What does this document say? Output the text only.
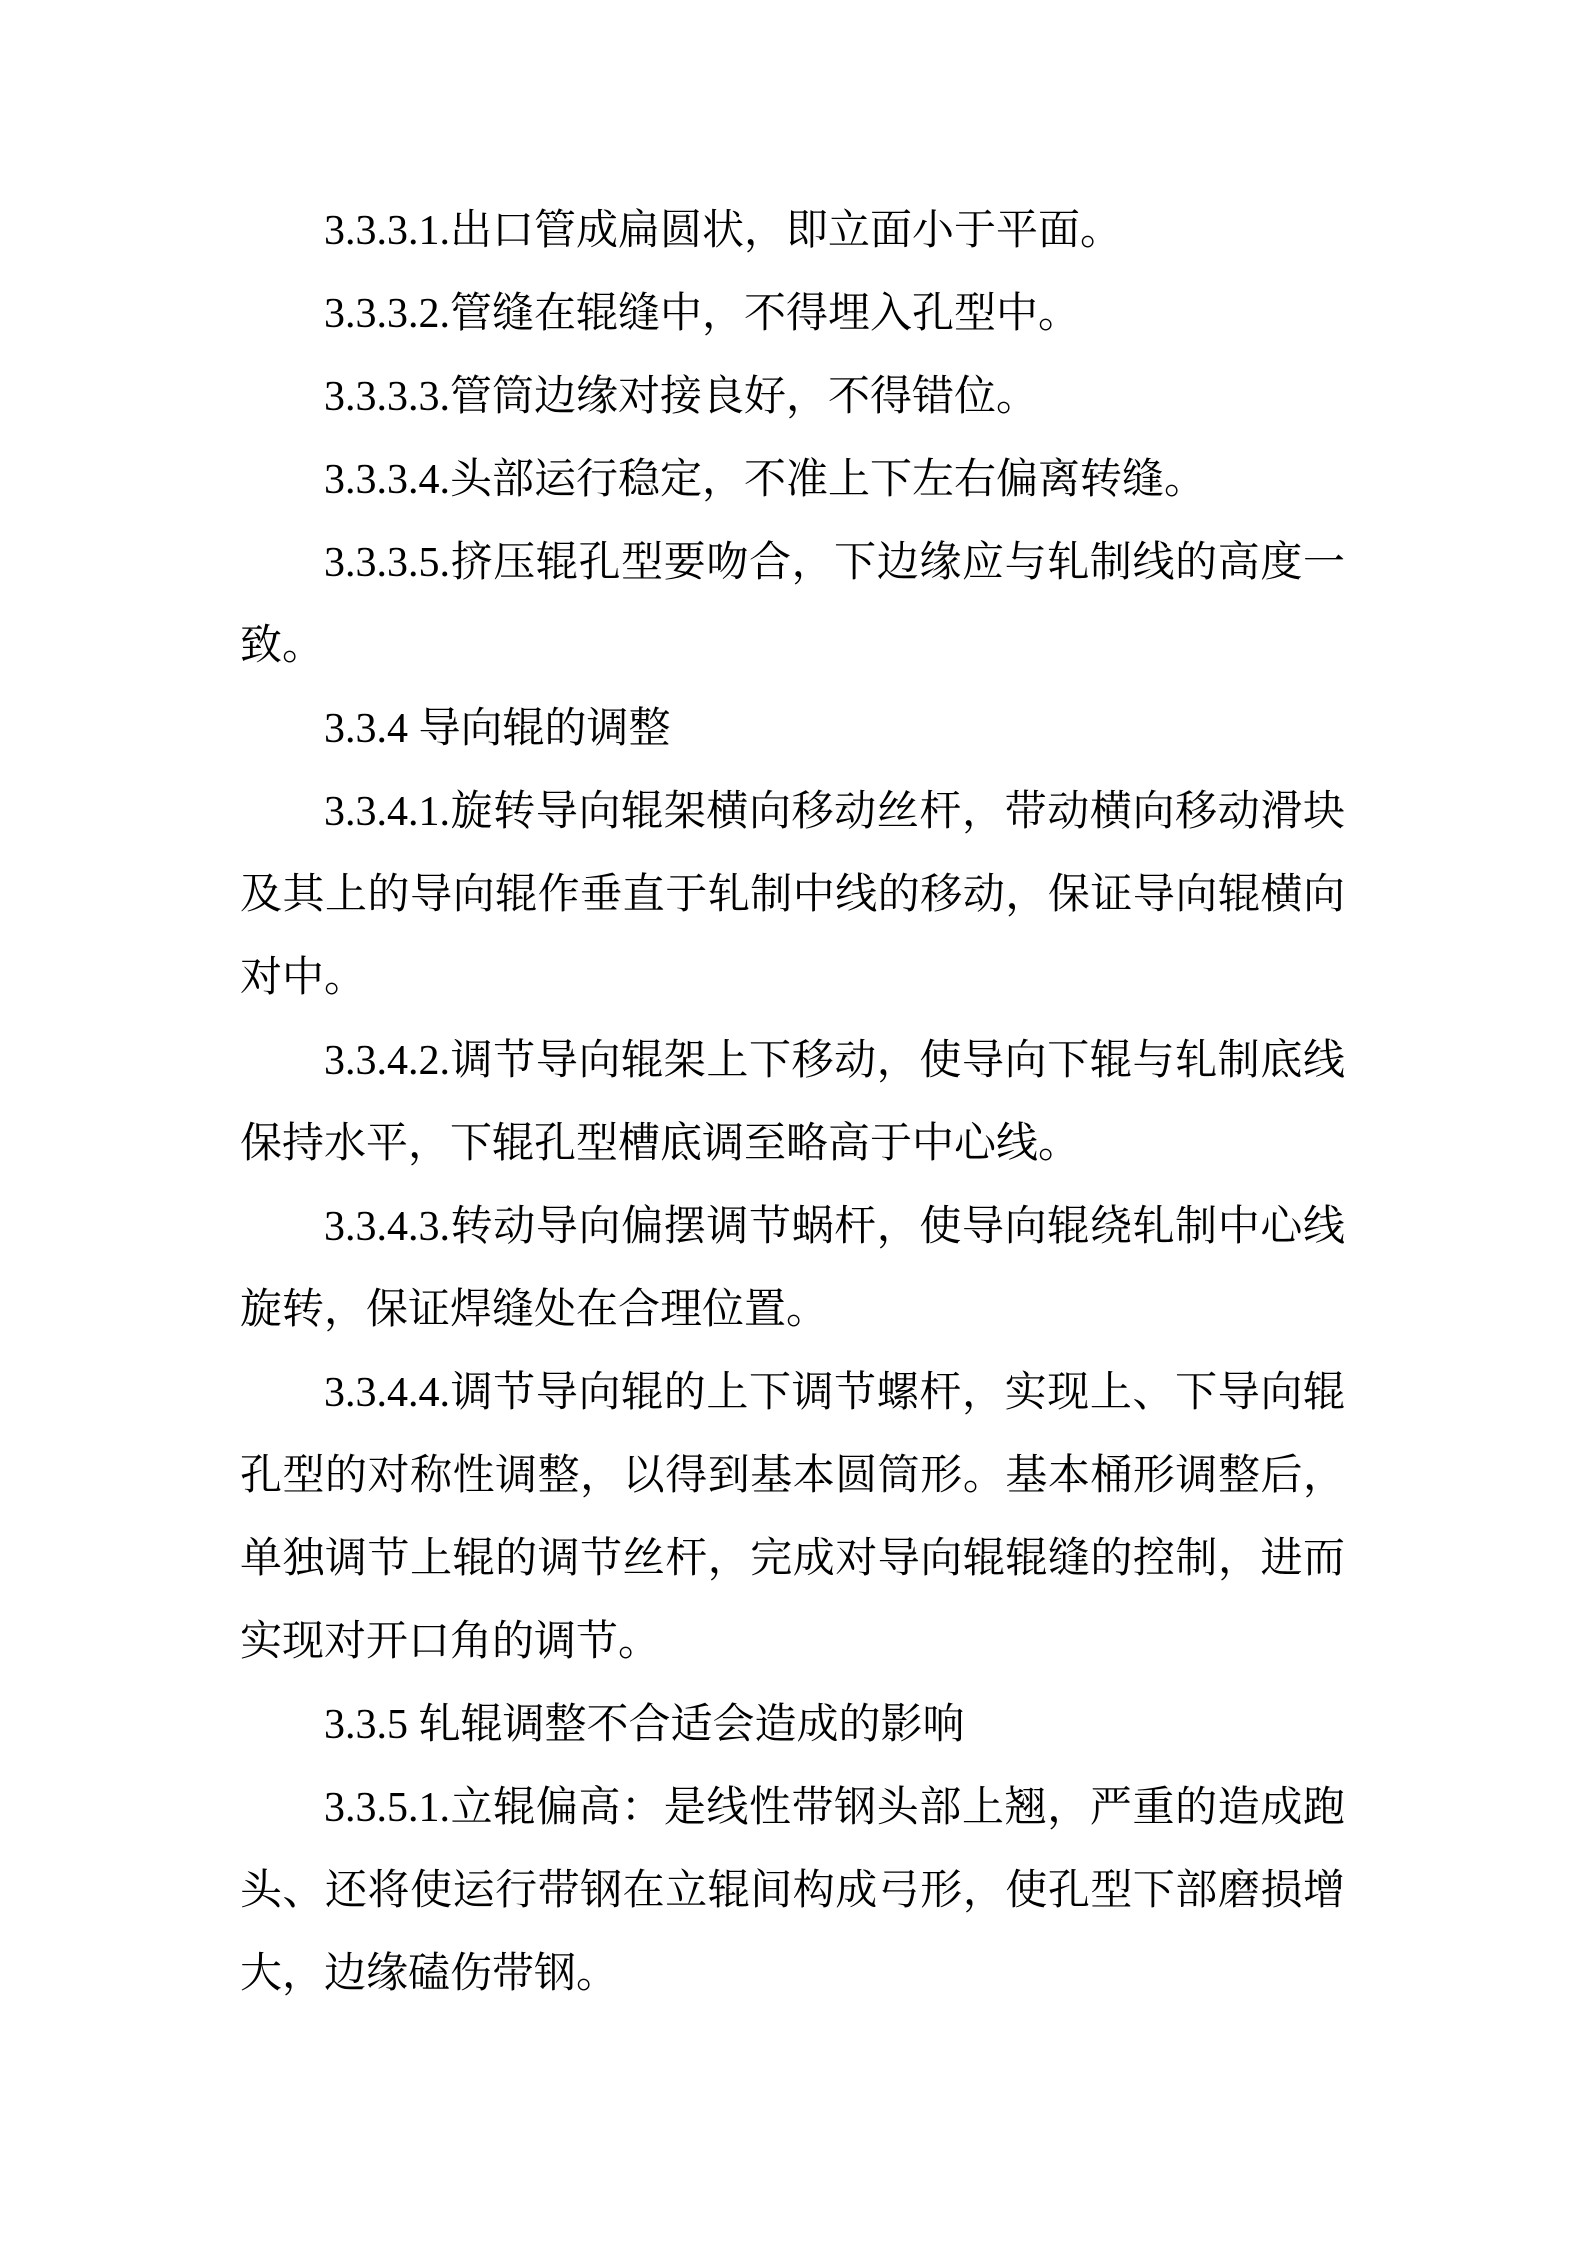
3.3.3.1.出口管成扁圆状，即立面小于平面。

3.3.3.2.管缝在辊缝中，不得埋入孔型中。

3.3.3.3.管筒边缘对接良好，不得错位。

3.3.3.4.头部运行稳定，不准上下左右偏离转缝。

3.3.3.5.挤压辊孔型要吻合，下边缘应与轧制线的高度一致。

3.3.4 导向辊的调整

3.3.4.1.旋转导向辊架横向移动丝杆，带动横向移动滑块及其上的导向辊作垂直于轧制中线的移动，保证导向辊横向对中。

3.3.4.2.调节导向辊架上下移动，使导向下辊与轧制底线保持水平，下辊孔型槽底调至略高于中心线。

3.3.4.3.转动导向偏摆调节蜗杆，使导向辊绕轧制中心线旋转，保证焊缝处在合理位置。

3.3.4.4.调节导向辊的上下调节螺杆，实现上、下导向辊孔型的对称性调整，以得到基本圆筒形。基本桶形调整后，单独调节上辊的调节丝杆，完成对导向辊辊缝的控制，进而实现对开口角的调节。

3.3.5 轧辊调整不合适会造成的影响

3.3.5.1.立辊偏高：是线性带钢头部上翘，严重的造成跑头、还将使运行带钢在立辊间构成弓形，使孔型下部磨损增大，边缘磕伤带钢。
